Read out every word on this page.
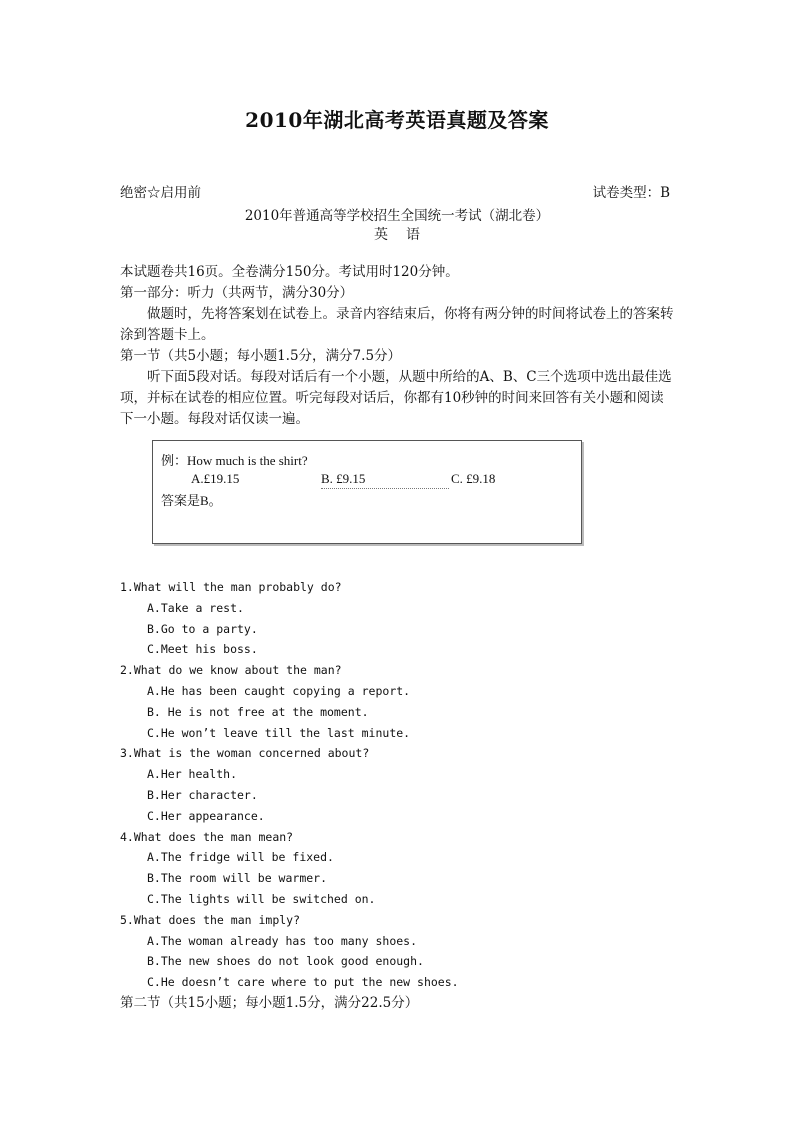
2010年湖北高考英语真题及答案
绝密☆启用前	试卷类型：B
2010年普通高等学校招生全国统一考试（湖北卷）
英语
本试题卷共16页。全卷满分150分。考试用时120分钟。
第一部分：听力（共两节，满分30分）
做题时，先将答案划在试卷上。录音内容结束后，你将有两分钟的时间将试卷上的答案转涂到答题卡上。
第一节（共5小题；每小题1.5分，满分7.5分）
听下面5段对话。每段对话后有一个小题，从题中所给的A、B、C三个选项中选出最佳选项，并标在试卷的相应位置。听完每段对话后，你都有10秒钟的时间来回答有关小题和阅读下一小题。每段对话仅读一遍。
例：How much is the shirt?
A.£19.15	B. £9.15	C. £9.18
答案是B。
1.What will the man probably do?
A.Take a rest.
B.Go to a party.
C.Meet his boss.
2.What do we know about the man?
A.He has been caught copying a report.
B. He is not free at the moment.
C.He won’t leave till the last minute.
3.What is the woman concerned about?
A.Her health.
B.Her character.
C.Her appearance.
4.What does the man mean?
A.The fridge will be fixed.
B.The room will be warmer.
C.The lights will be switched on.
5.What does the man imply?
A.The woman already has too many shoes.
B.The new shoes do not look good enough.
C.He doesn’t care where to put the new shoes.
第二节（共15小题；每小题1.5分，满分22.5分）
